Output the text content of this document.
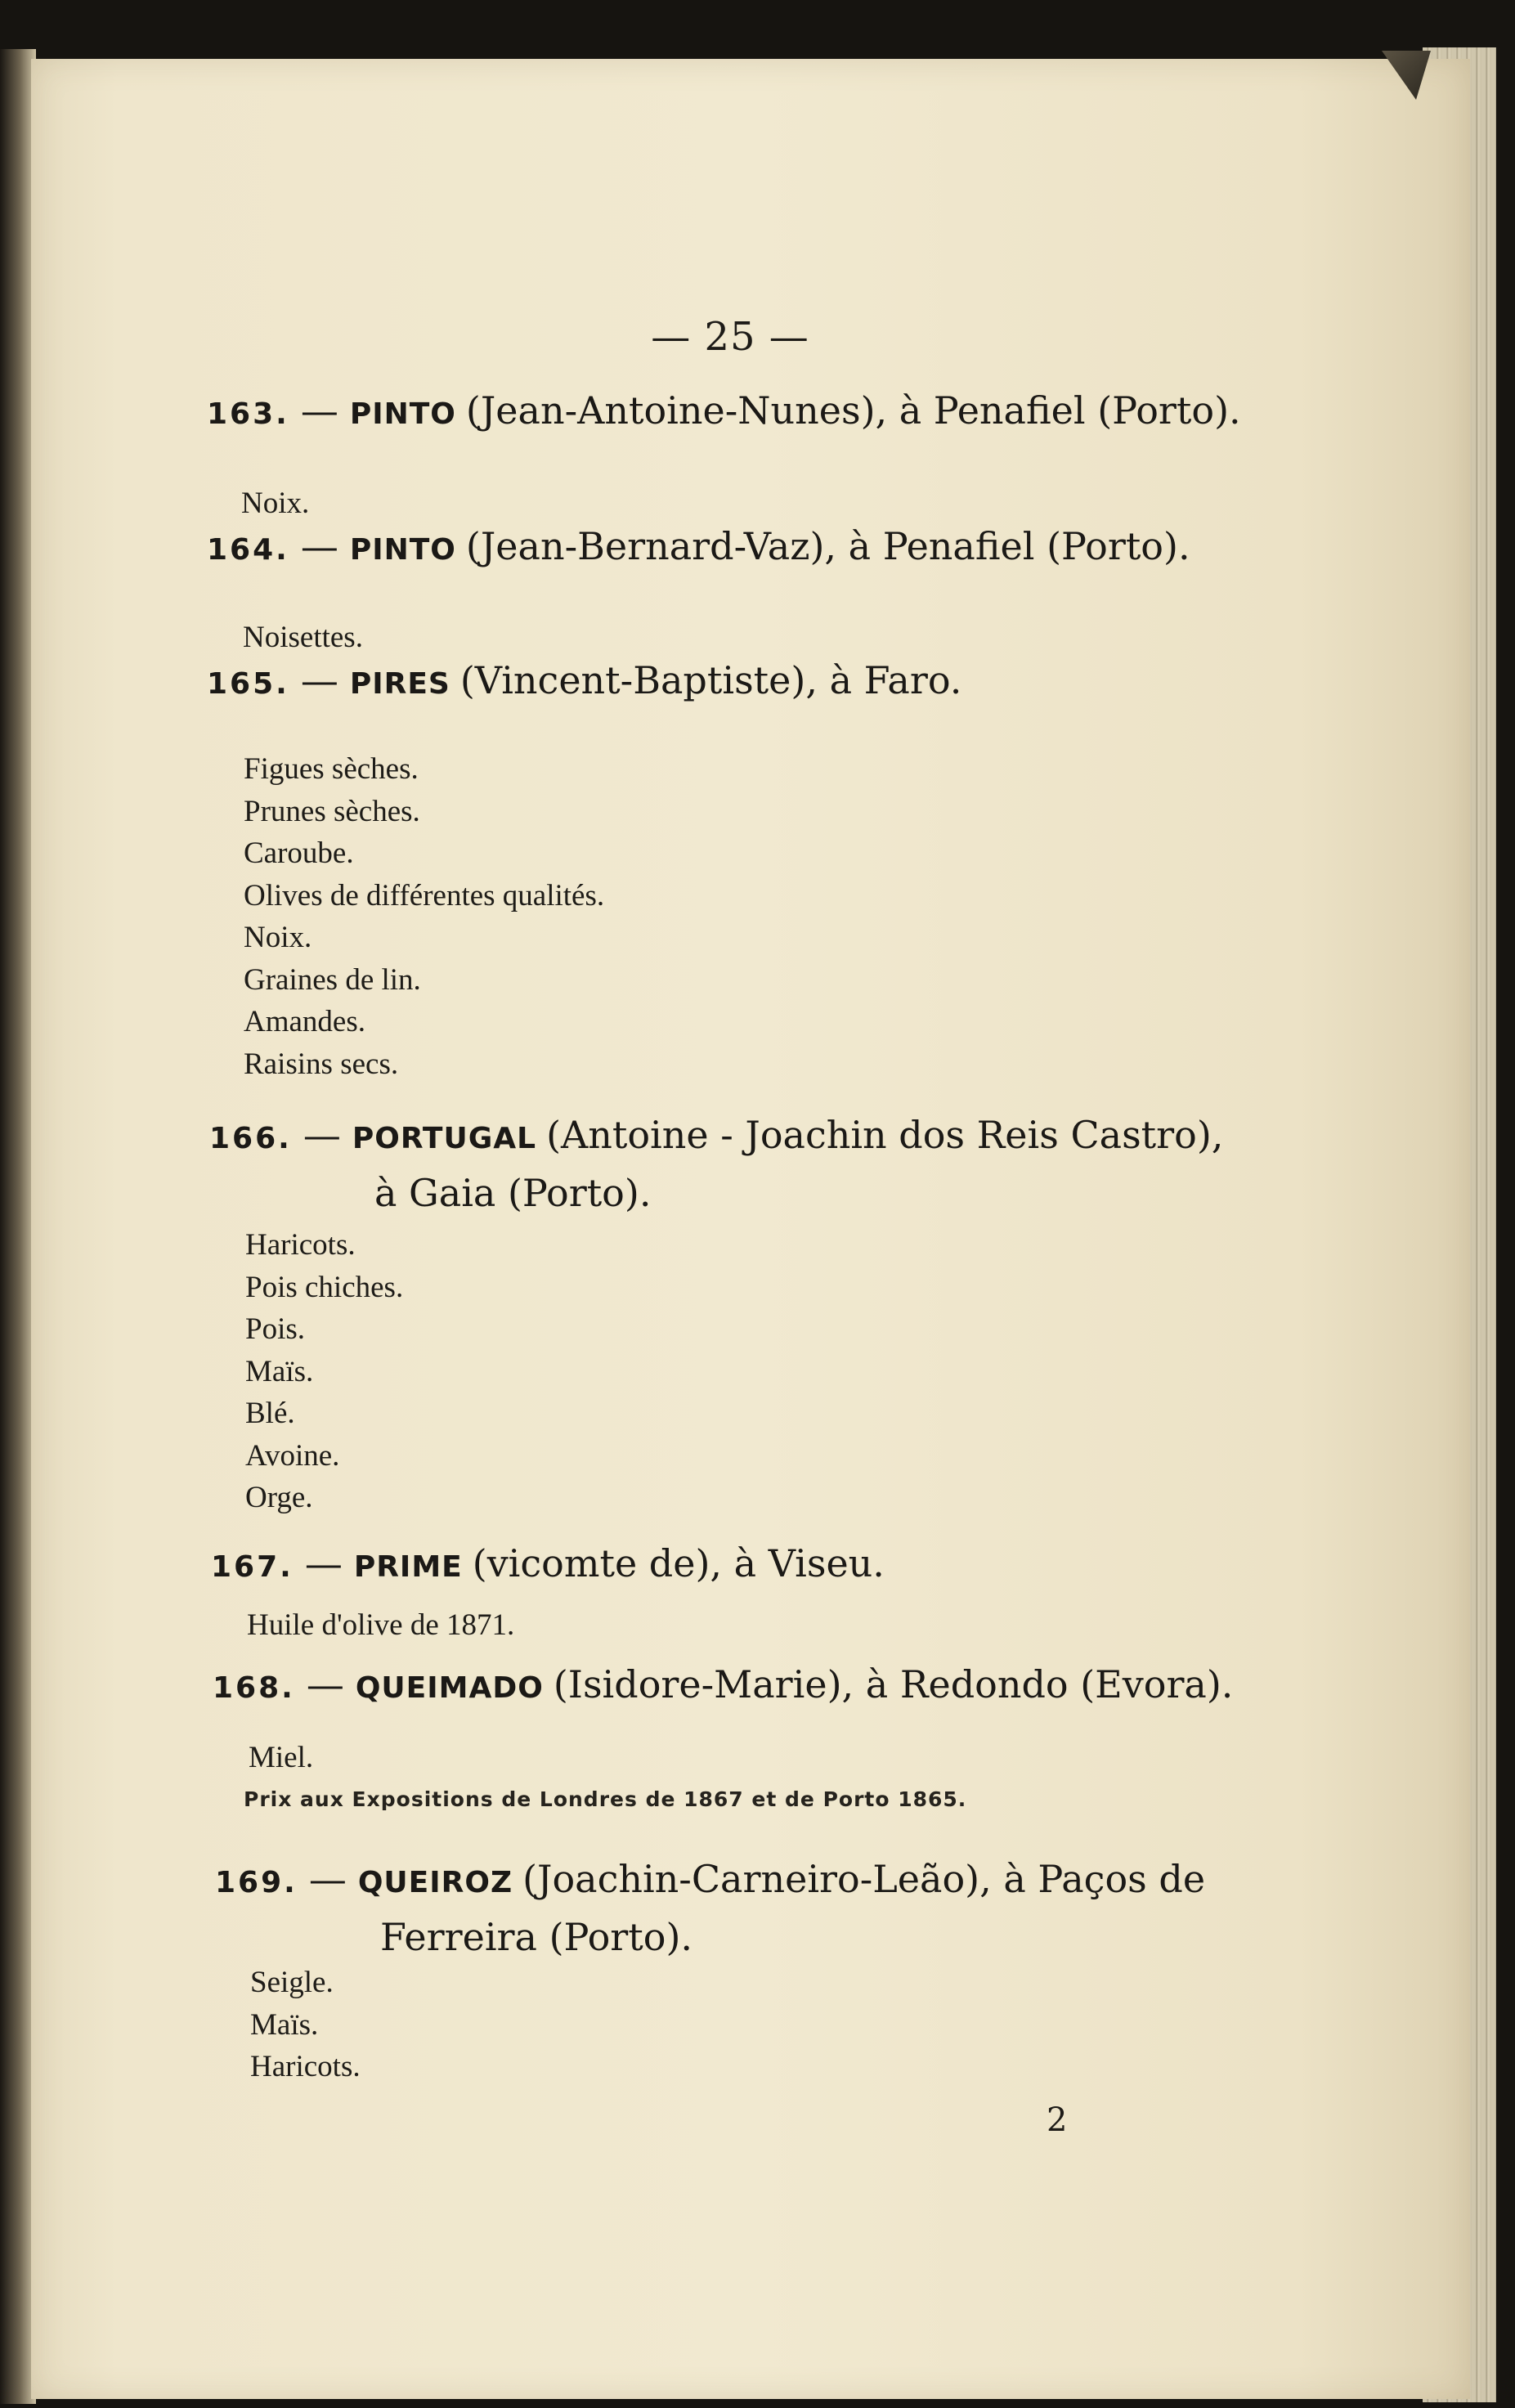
— 25 —
163. — PINTO (Jean-Antoine-Nunes), à Penafiel (Porto).
Noix.
164. — PINTO (Jean-Bernard-Vaz), à Penafiel (Porto).
Noisettes.
165. — PIRES (Vincent-Baptiste), à Faro.
Figues sèches.
Prunes sèches.
Caroube.
Olives de différentes qualités.
Noix.
Graines de lin.
Amandes.
Raisins secs.
166. — PORTUGAL (Antoine - Joachin dos Reis Castro),
à Gaia (Porto).
Haricots.
Pois chiches.
Pois.
Maïs.
Blé.
Avoine.
Orge.
167. — PRIME (vicomte de), à Viseu.
Huile d'olive de 1871.
168. — QUEIMADO (Isidore-Marie), à Redondo (Evora).
Miel.
Prix aux Expositions de Londres de 1867 et de Porto 1865.
169. — QUEIROZ (Joachin-Carneiro-Leão), à Paços de
Ferreira (Porto).
Seigle.
Maïs.
Haricots.
2
